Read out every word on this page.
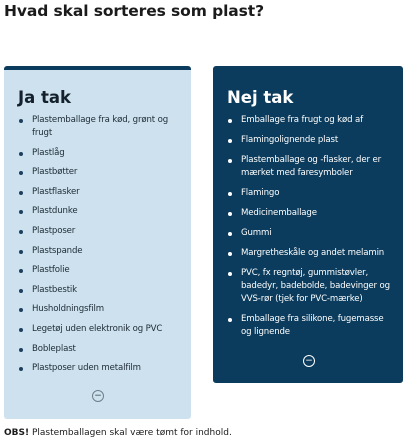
Hvad skal sorteres som plast?
Ja tak
Plastemballage fra kød, grønt og frugt
Plastlåg
Plastbøtter
Plastflasker
Plastdunke
Plastposer
Plastspande
Plastfolie
Plastbestik
Husholdningsfilm
Legetøj uden elektronik og PVC
Bobleplast
Plastposer uden metalfilm
−
Nej tak
Emballage fra frugt og kød af
Flamingolignende plast
Plastemballage og -flasker, der er mærket med faresymboler
Flamingo
Medicinemballage
Gummi
Margretheskåle og andet melamin
PVC, fx regntøj, gummistøvler, badedyr, badebolde, badevinger og VVS-rør (tjek for PVC-mærke)
Emballage fra silikone, fugemasse og lignende
−

OBS! Plastemballagen skal være tømt for indhold.
